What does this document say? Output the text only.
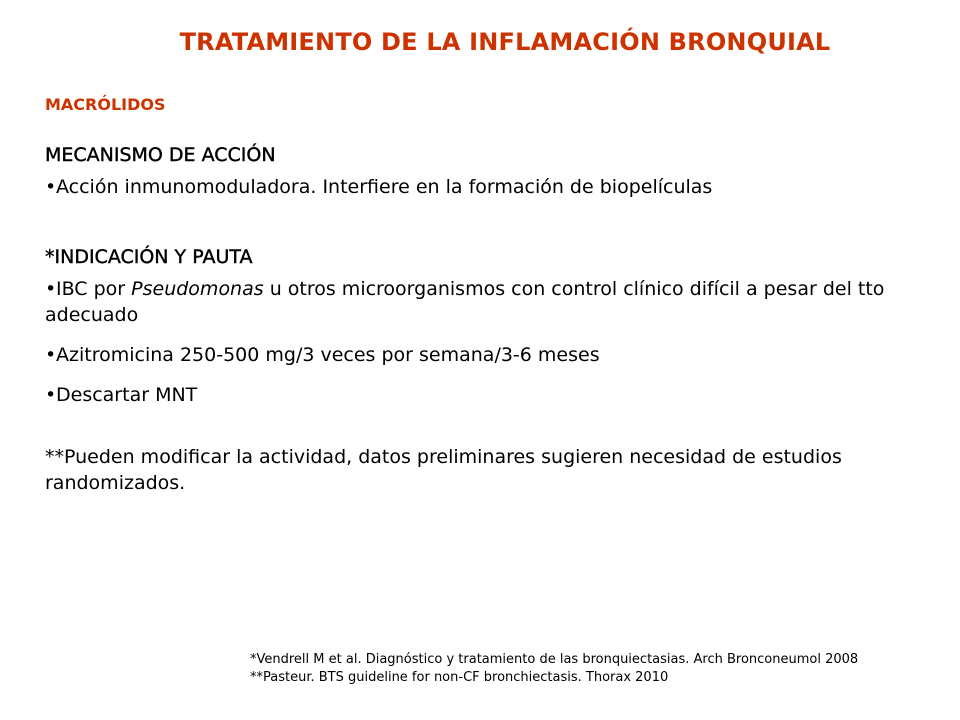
TRATAMIENTO DE LA INFLAMACIÓN BRONQUIAL
MACRÓLIDOS
MECANISMO DE ACCIÓN
•Acción inmunomoduladora. Interfiere en la formación de biopelículas
*INDICACIÓN Y PAUTA
•IBC por Pseudomonas u otros microorganismos con control clínico difícil a pesar del tto adecuado
•Azitromicina 250-500 mg/3 veces por semana/3-6 meses
•Descartar MNT
**Pueden modificar la actividad, datos preliminares sugieren necesidad de estudios randomizados.
*Vendrell M et al. Diagnóstico y tratamiento de las bronquiectasias. Arch Bronconeumol 2008
**Pasteur. BTS guideline for non-CF bronchiectasis. Thorax 2010
